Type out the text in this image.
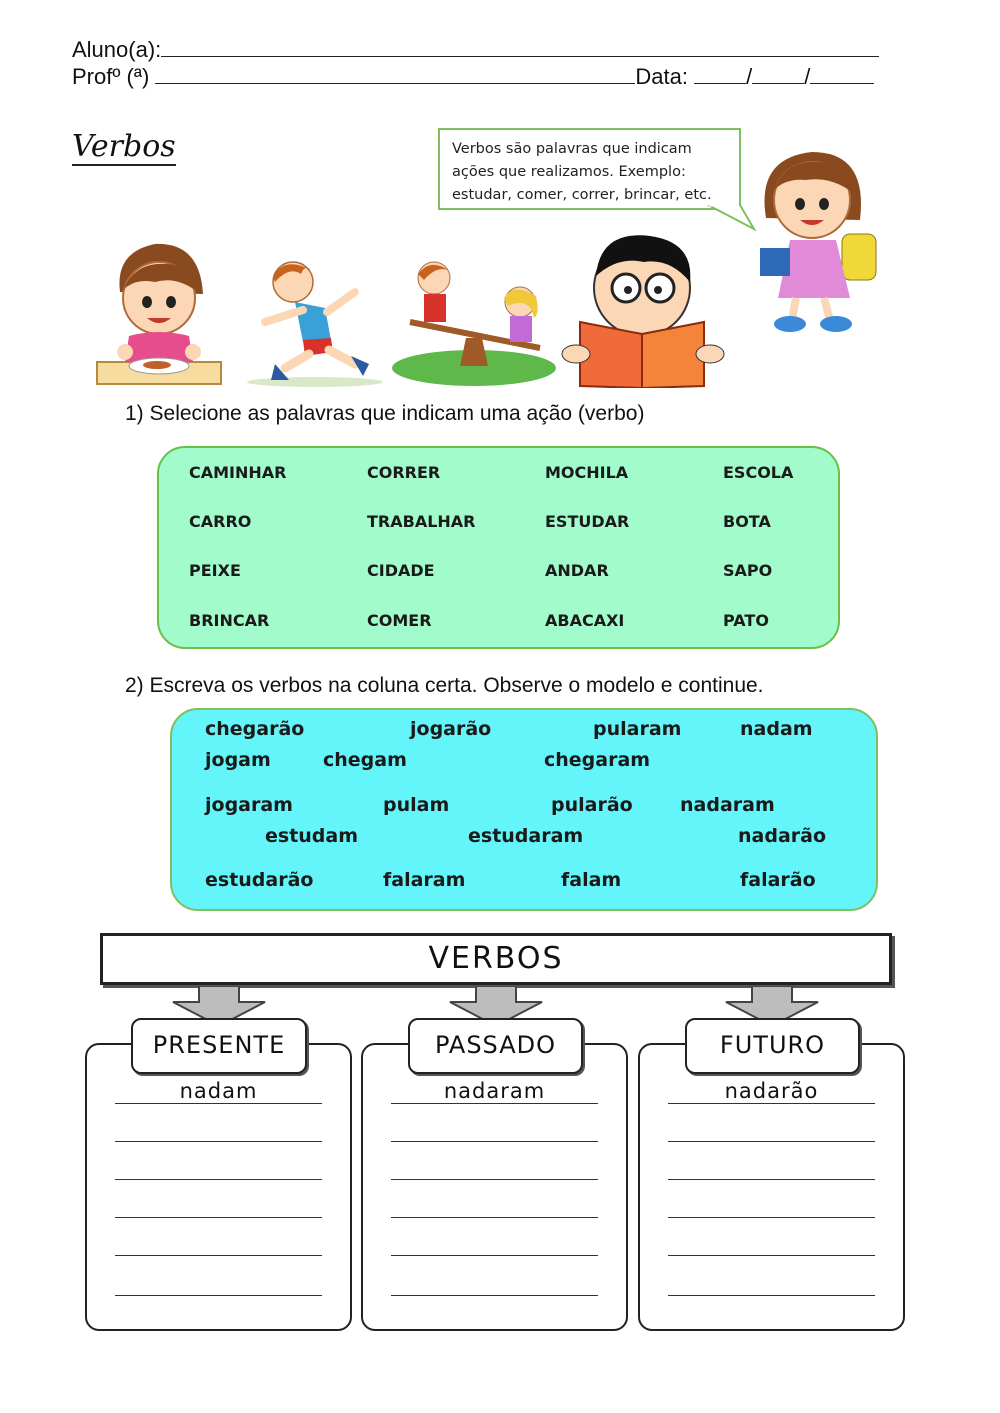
Aluno(a):
Profº (ª)	Data:	/ /
Verbos	Verbos são palavras que indicam ações que realizamos. Exemplo: estudar, comer, correr, brincar, etc.
1) Selecione as palavras que indicam uma ação (verbo)
CAMINHAR	CORRER	MOCHILA	ESCOLA
CARRO	TRABALHAR	ESTUDAR	BOTA
PEIXE	CIDADE	ANDAR	SAPO
BRINCAR	COMER	ABACAXI	PATO
2) Escreva os verbos na coluna certa. Observe o modelo e continue.
chegarão	jogarão	pularam	nadam
jogam	chegam	chegaram
jogaram	pulam	pularão nadaram
estudam	estudaram	nadarão
estudarão	falaram	falam	falarão
VERBOS
nadam
PRESENTE
nadaram
PASSADO
nadarão
FUTURO
